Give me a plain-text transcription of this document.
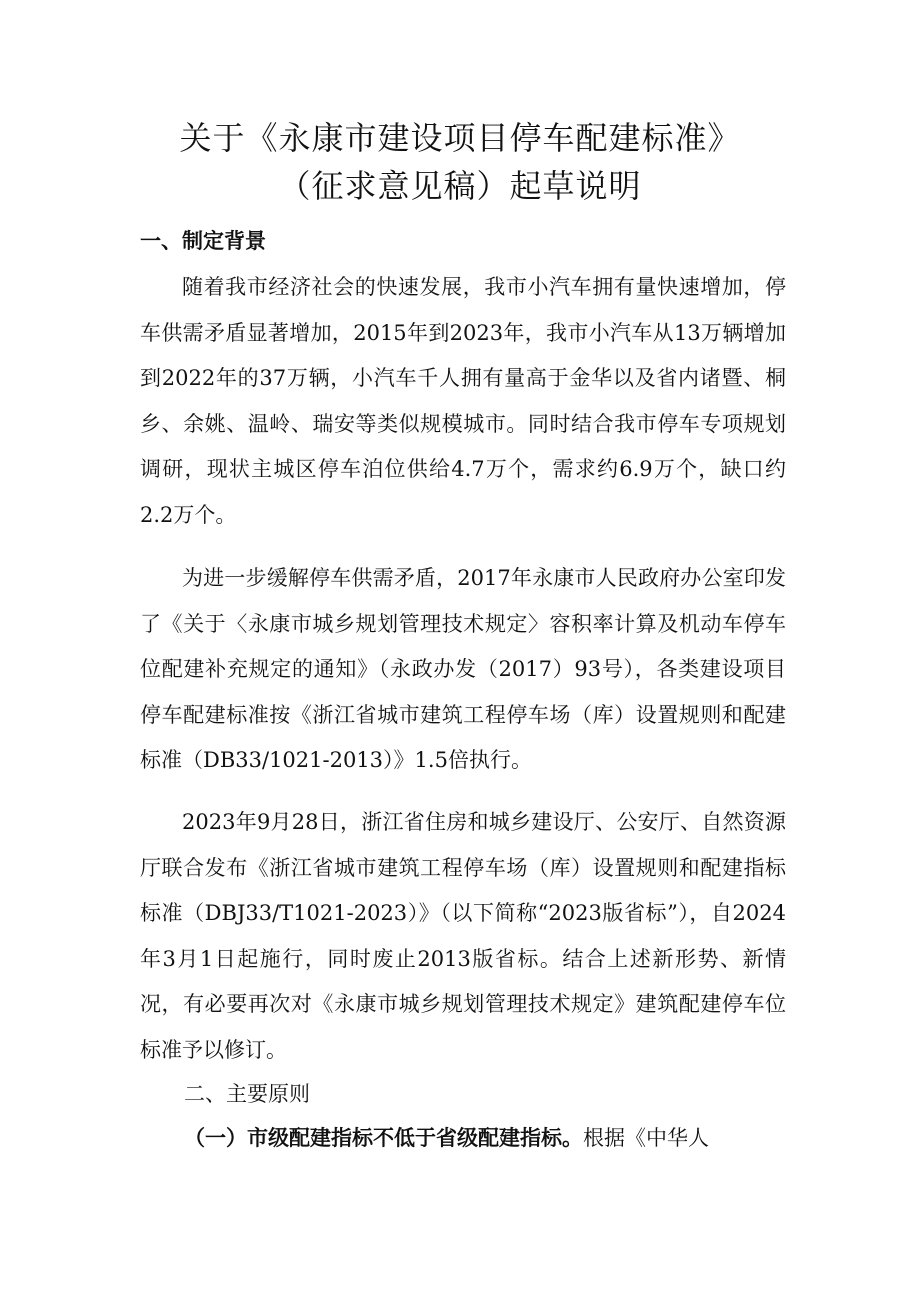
关于《永康市建设项目停车配建标准》
（征求意见稿）起草说明
一、制定背景

随着我市经济社会的快速发展，我市小汽车拥有量快速增加，停车供需矛盾显著增加，2015年到2023年，我市小汽车从13万辆增加到2022年的37万辆，小汽车千人拥有量高于金华以及省内诸暨、桐乡、余姚、温岭、瑞安等类似规模城市。同时结合我市停车专项规划调研，现状主城区停车泊位供给4.7万个，需求约6.9万个，缺口约2.2万个。

为进一步缓解停车供需矛盾，2017年永康市人民政府办公室印发了《关于〈永康市城乡规划管理技术规定〉容积率计算及机动车停车位配建补充规定的通知》（永政办发（2017）93号），各类建设项目停车配建标准按《浙江省城市建筑工程停车场（库）设置规则和配建标准（DB33/1021-2013）》1.5倍执行。

2023年9月28日，浙江省住房和城乡建设厅、公安厅、自然资源厅联合发布《浙江省城市建筑工程停车场（库）设置规则和配建指标标准（DBJ33/T1021-2023）》（以下简称“2023版省标”），自2024年3月1日起施行，同时废止2013版省标。结合上述新形势、新情况，有必要再次对《永康市城乡规划管理技术规定》建筑配建停车位标准予以修订。

二、主要原则
（一）市级配建指标不低于省级配建指标。根据《中华人
